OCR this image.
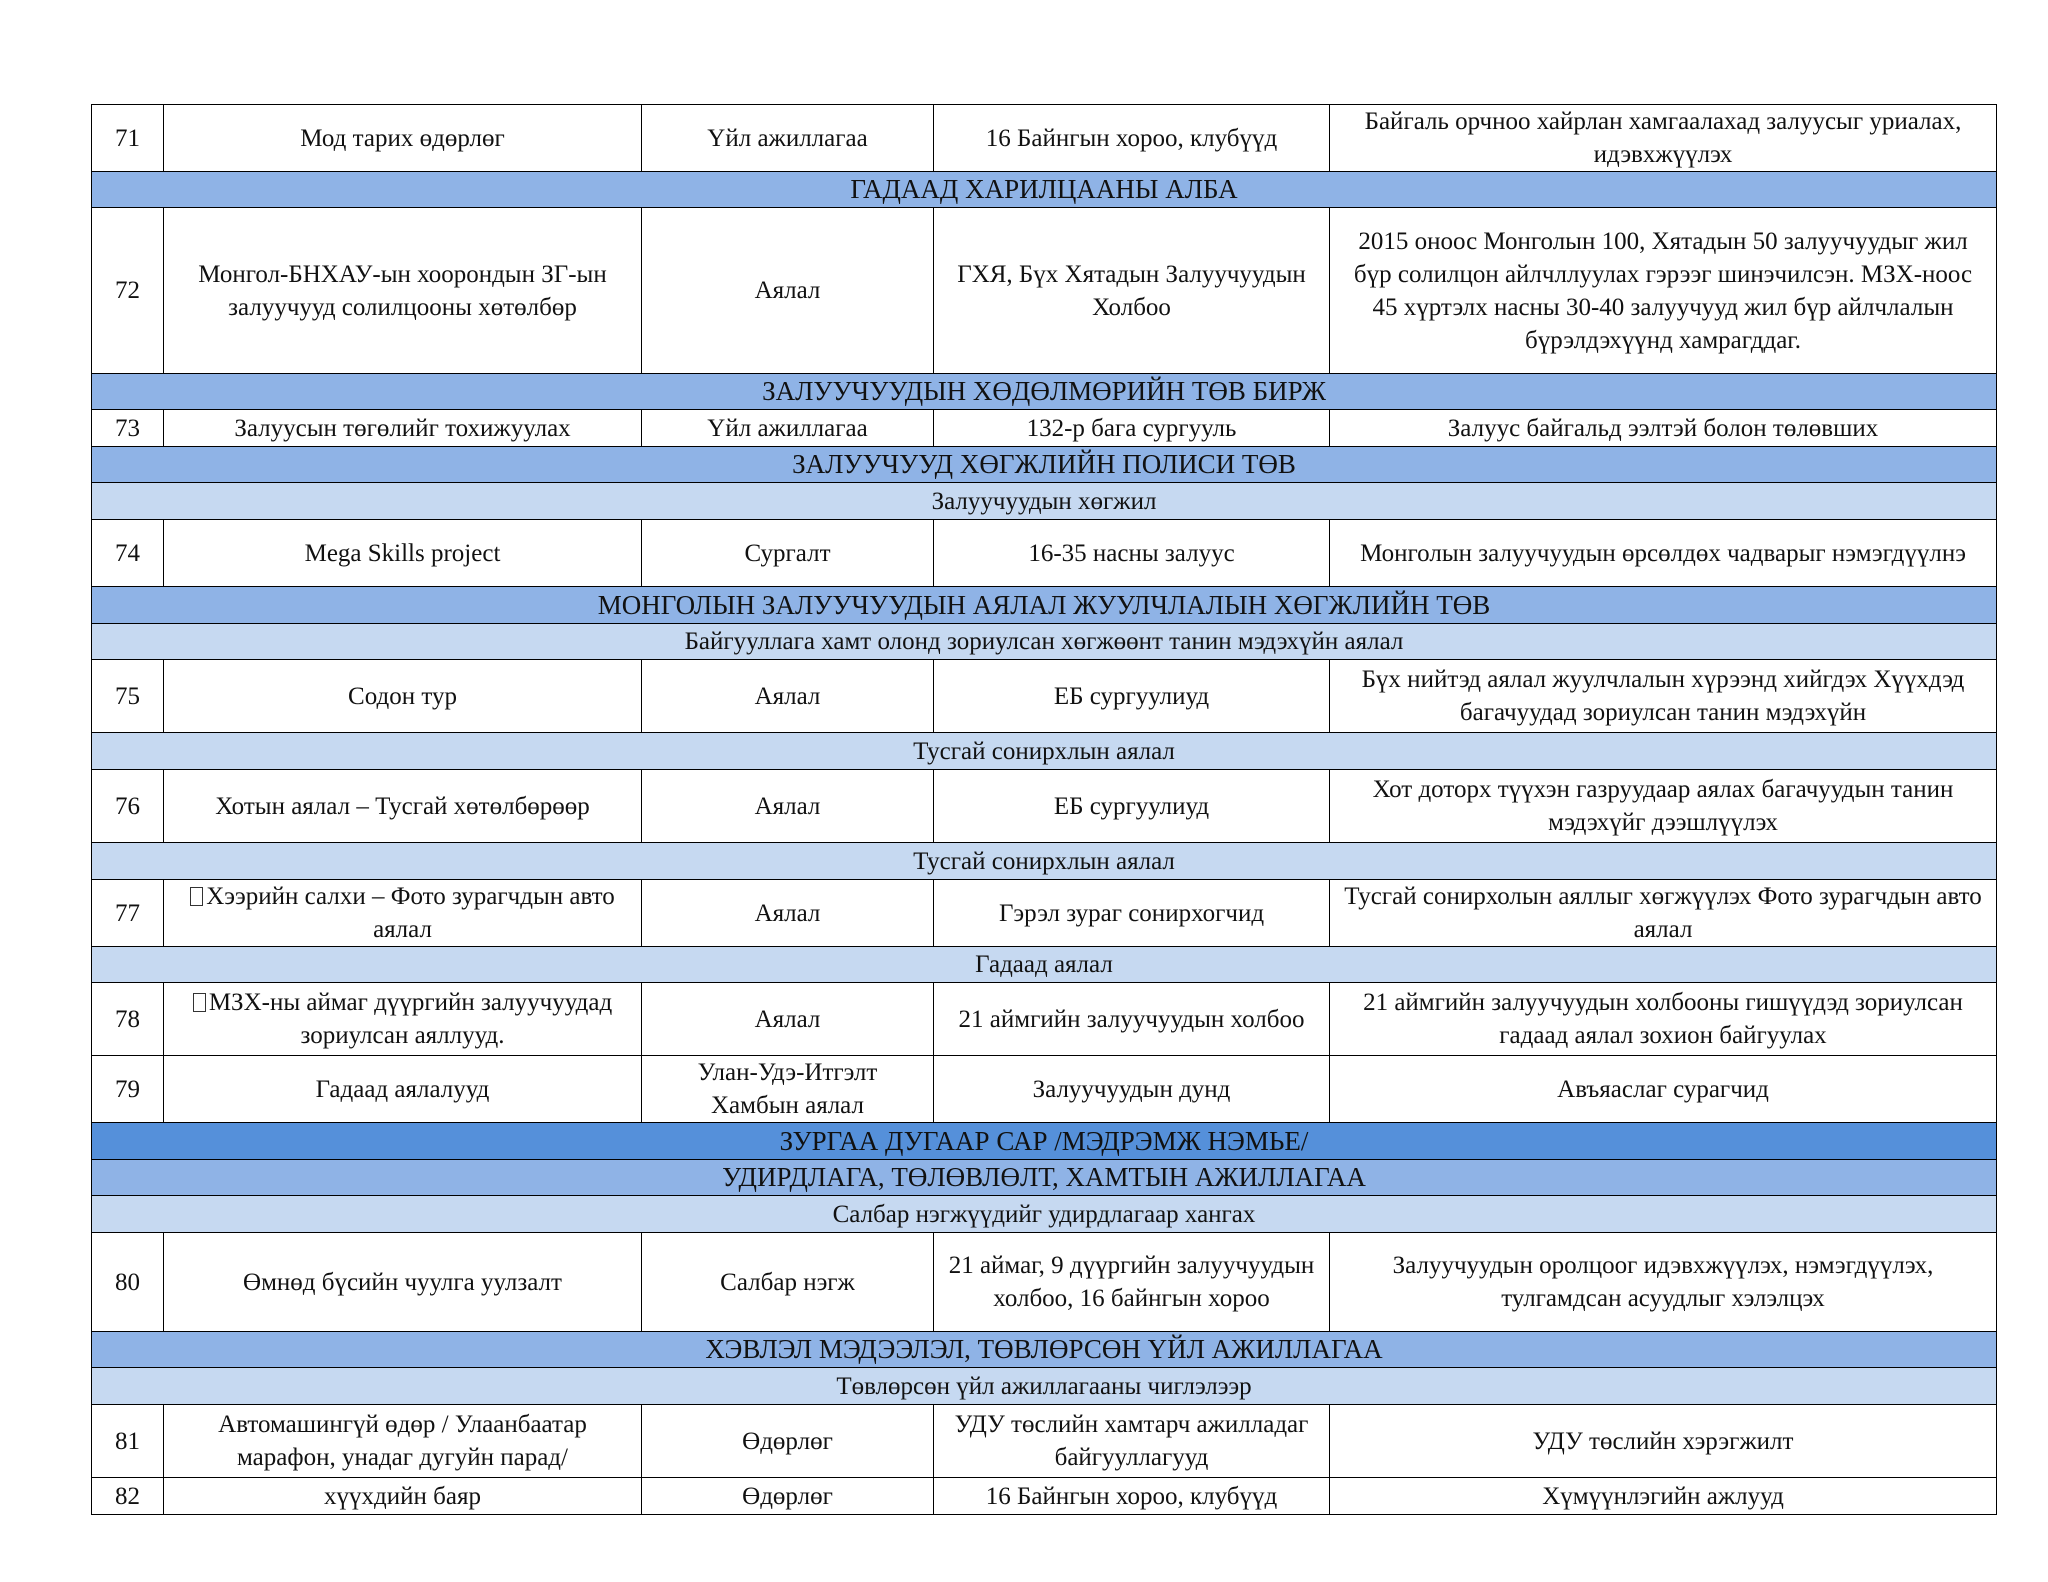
71	Мод тарих өдөрлөг	Үйл ажиллагаа	16 Байнгын хороо, клубүүд	Байгаль орчноо хайрлан хамгаалахад залуусыг уриалах, идэвхжүүлэх
ГАДААД ХАРИЛЦААНЫ АЛБА				
72	Монгол-БНХАУ-ын хоорондын ЗГ-ын залуучууд солилцооны хөтөлбөр	Аялал	ГХЯ, Бүх Хятадын Залуучуудын Холбоо	2015 оноос Монголын 100, Хятадын 50 залуучуудыг жил бүр солилцон айлчллуулах гэрээг шинэчилсэн. МЗХ-ноос 45 хүртэлх насны 30-40 залуучууд жил бүр айлчлалын бүрэлдэхүүнд хамрагддаг.
ЗАЛУУЧУУДЫН ХӨДӨЛМӨРИЙН ТӨВ БИРЖ				
73	Залуусын төгөлийг тохижуулах	Үйл ажиллагаа	132-р бага сургууль	Залуус байгальд ээлтэй болон төлөвших
ЗАЛУУЧУУД ХӨГЖЛИЙН ПОЛИСИ ТӨВ				
Залуучуудын хөгжил				
74	Mega Skills project	Сургалт	16-35 насны залуус	Монголын залуучуудын өрсөлдөх чадварыг нэмэгдүүлнэ
МОНГОЛЫН ЗАЛУУЧУУДЫН АЯЛАЛ ЖУУЛЧЛАЛЫН ХӨГЖЛИЙН ТӨВ				
Байгууллага хамт олонд зориулсан хөгжөөнт танин мэдэхүйн аялал				
75	Содон тур	Аялал	ЕБ сургуулиуд	Бүх нийтэд аялал жуулчлалын хүрээнд хийгдэх Хүүхдэд багачуудад зориулсан танин мэдэхүйн
Тусгай сонирхлын аялал				
76	Хотын аялал – Тусгай хөтөлбөрөөр	Аялал	ЕБ сургуулиуд	Хот доторх түүхэн газруудаар аялах багачуудын танин мэдэхүйг дээшлүүлэх
Тусгай сонирхлын аялал				
77	Хээрийн салхи – Фото зурагчдын авто аялал	Аялал	Гэрэл зураг сонирхогчид	Тусгай сонирхолын аяллыг хөгжүүлэх Фото зурагчдын авто аялал
Гадаад аялал				
78	МЗХ-ны аймаг дүүргийн залуучуудад зориулсан аяллууд.	Аялал	21 аймгийн залуучуудын холбоо	21 аймгийн залуучуудын холбооны гишүүдэд зориулсан гадаад аялал зохион байгуулах
79	Гадаад аялалууд	Улан-Удэ-Итгэлт Хамбын аялал	Залуучуудын дунд	Авъяаслаг сурагчид
ЗУРГАА ДУГААР САР /МЭДРЭМЖ НЭМЬЕ/				
УДИРДЛАГА, ТӨЛӨВЛӨЛТ, ХАМТЫН АЖИЛЛАГАА				
Салбар нэгжүүдийг удирдлагаар хангах				
80	Өмнөд бүсийн чуулга уулзалт	Салбар нэгж	21 аймаг, 9 дүүргийн залуучуудын холбоо, 16 байнгын хороо	Залуучуудын оролцоог идэвхжүүлэх, нэмэгдүүлэх, тулгамдсан асуудлыг хэлэлцэх
ХЭВЛЭЛ МЭДЭЭЛЭЛ, ТӨВЛӨРСӨН ҮЙЛ АЖИЛЛАГАА				
Төвлөрсөн үйл ажиллагааны чиглэлээр				
81	Автомашингүй өдөр / Улаанбаатар марафон, унадаг дугуйн парад/	Өдөрлөг	УДУ төслийн хамтарч ажилладаг байгууллагууд	УДУ төслийн хэрэгжилт
82	хүүхдийн баяр	Өдөрлөг	16 Байнгын хороо, клубүүд	Хүмүүнлэгийн ажлууд
